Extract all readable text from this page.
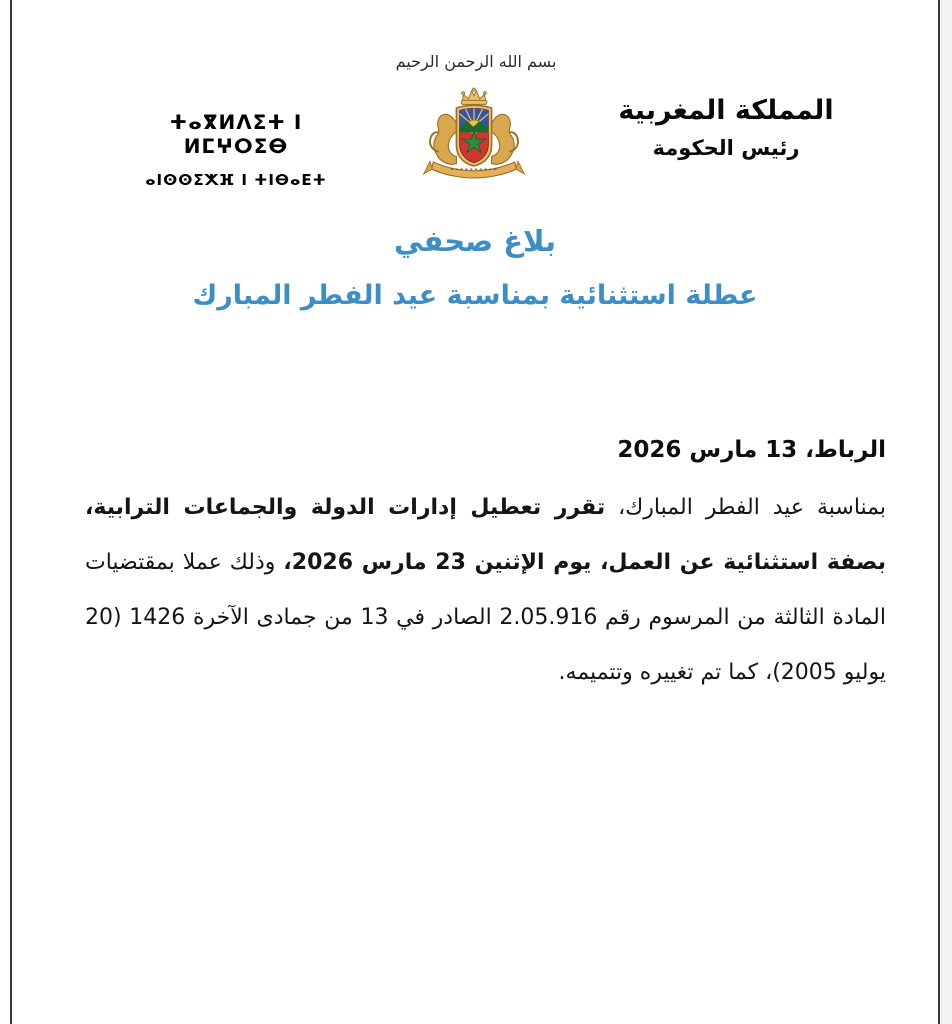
بسم الله الرحمن الرحيم
ⵜⴰⴳⵍⴷⵉⵜ ⵏ ⵍⵎⵖⵔⵉⴱ
ⴰⵏⵙⵙⵉⵅⴼ ⵏ ⵜⵏⴱⴰⴹⵜ
المملكة المغربية
رئيس الحكومة
بلاغ صحفي
عطلة استثنائية بمناسبة عيد الفطر المبارك
الرباط، 13 مارس 2026

بمناسبة عيد الفطر المبارك، تقرر تعطيل إدارات الدولة والجماعات الترابية، بصفة استثنائية عن العمل، يوم الإثنين 23 مارس 2026، وذلك عملا بمقتضيات المادة الثالثة من المرسوم رقم 2.05.916 الصادر في 13 من جمادى الآخرة 1426 (20 يوليو 2005)، كما تم تغييره وتتميمه.
